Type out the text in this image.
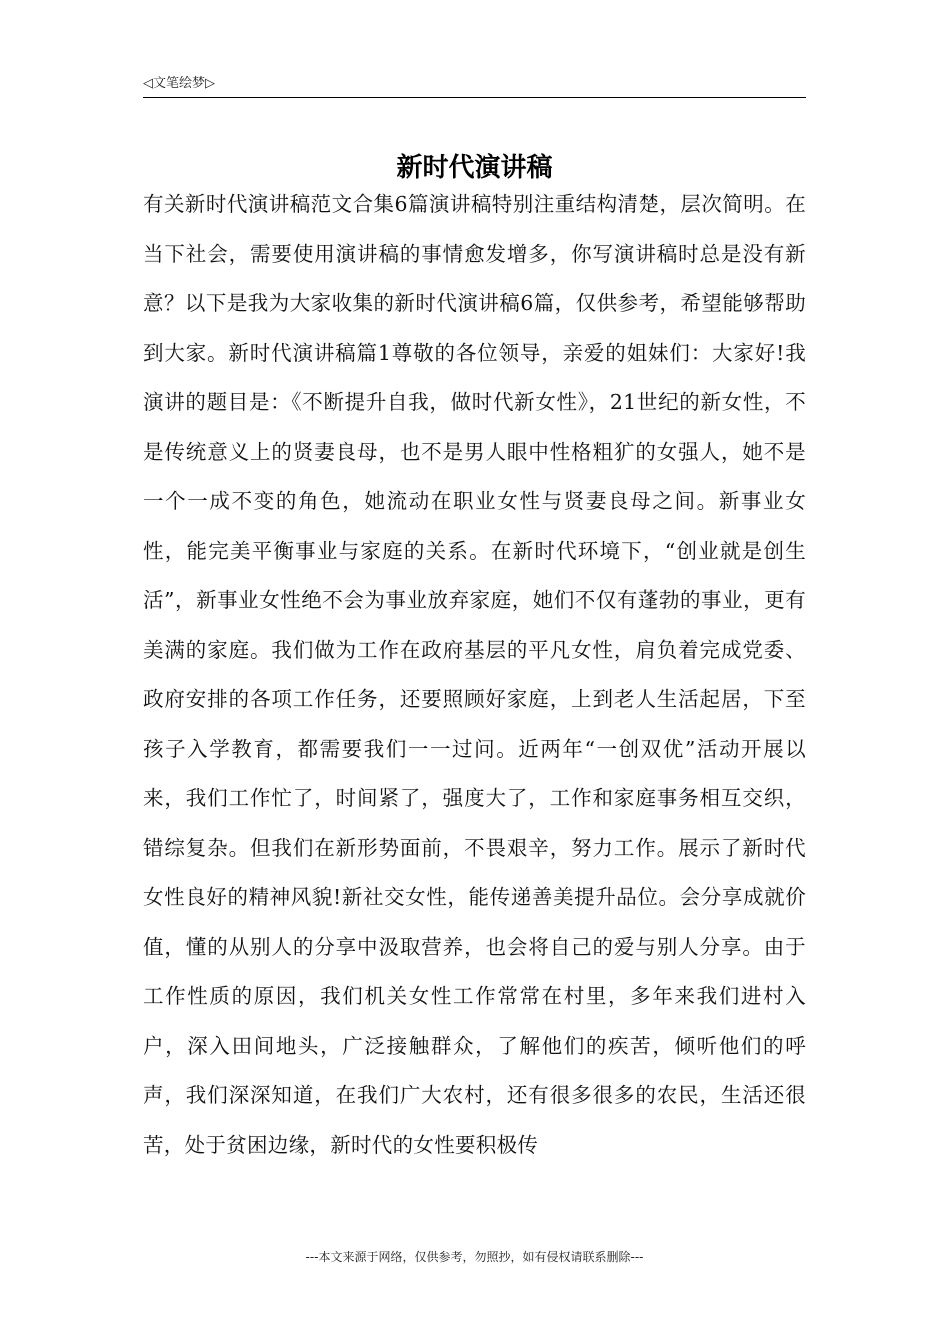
◁文笔绘梦▷
新时代演讲稿

有关新时代演讲稿范文合集6篇演讲稿特别注重结构清楚，层次简明。在当下社会，需要使用演讲稿的事情愈发增多，你写演讲稿时总是没有新意？以下是我为大家收集的新时代演讲稿6篇，仅供参考，希望能够帮助到大家。新时代演讲稿篇1尊敬的各位领导，亲爱的姐妹们：大家好!我演讲的题目是：《不断提升自我，做时代新女性》，21世纪的新女性，不是传统意义上的贤妻良母，也不是男人眼中性格粗犷的女强人，她不是一个一成不变的角色，她流动在职业女性与贤妻良母之间。新事业女性，能完美平衡事业与家庭的关系。在新时代环境下，“创业就是创生活”，新事业女性绝不会为事业放弃家庭，她们不仅有蓬勃的事业，更有美满的家庭。我们做为工作在政府基层的平凡女性，肩负着完成党委、政府安排的各项工作任务，还要照顾好家庭，上到老人生活起居，下至孩子入学教育，都需要我们一一过问。近两年“一创双优”活动开展以来，我们工作忙了，时间紧了，强度大了，工作和家庭事务相互交织，错综复杂。但我们在新形势面前，不畏艰辛，努力工作。展示了新时代女性良好的精神风貌!新社交女性，能传递善美提升品位。会分享成就价值，懂的从别人的分享中汲取营养，也会将自己的爱与别人分享。由于工作性质的原因，我们机关女性工作常常在村里，多年来我们进村入户，深入田间地头，广泛接触群众，了解他们的疾苦，倾听他们的呼声，我们深深知道，在我们广大农村，还有很多很多的农民，生活还很苦，处于贫困边缘，新时代的女性要积极传

---本文来源于网络，仅供参考，勿照抄，如有侵权请联系删除---
